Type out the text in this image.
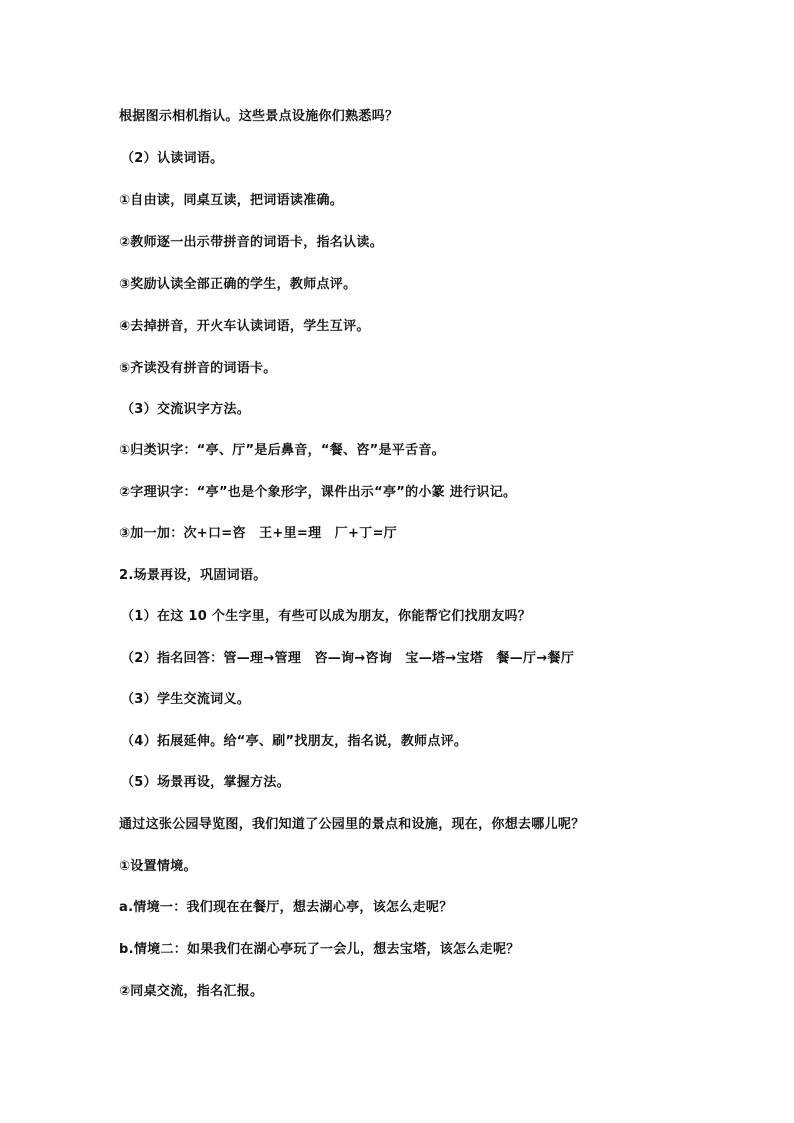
根据图示相机指认。这些景点设施你们熟悉吗？
（2）认读词语。
①自由读，同桌互读，把词语读准确。
②教师逐一出示带拼音的词语卡，指名认读。
③奖励认读全部正确的学生，教师点评。
④去掉拼音，开火车认读词语，学生互评。
⑤齐读没有拼音的词语卡。
（3）交流识字方法。
①归类识字：“亭、厅”是后鼻音，“餐、咨”是平舌音。
②字理识字：“亭”也是个象形字，课件出示“亭”的小篆 进行识记。
③加一加：次+口=咨　王+里=理　厂+丁=厅
2.场景再设，巩固词语。
（1）在这 10 个生字里，有些可以成为朋友，你能帮它们找朋友吗？
（2）指名回答：管—理→管理　咨—询→咨询　宝—塔→宝塔　餐—厅→餐厅
（3）学生交流词义。
（4）拓展延伸。给“亭、刷”找朋友，指名说，教师点评。
（5）场景再设，掌握方法。
通过这张公园导览图，我们知道了公园里的景点和设施，现在，你想去哪儿呢？
①设置情境。
a.情境一：我们现在在餐厅，想去湖心亭，该怎么走呢？
b.情境二：如果我们在湖心亭玩了一会儿，想去宝塔，该怎么走呢？
②同桌交流，指名汇报。
